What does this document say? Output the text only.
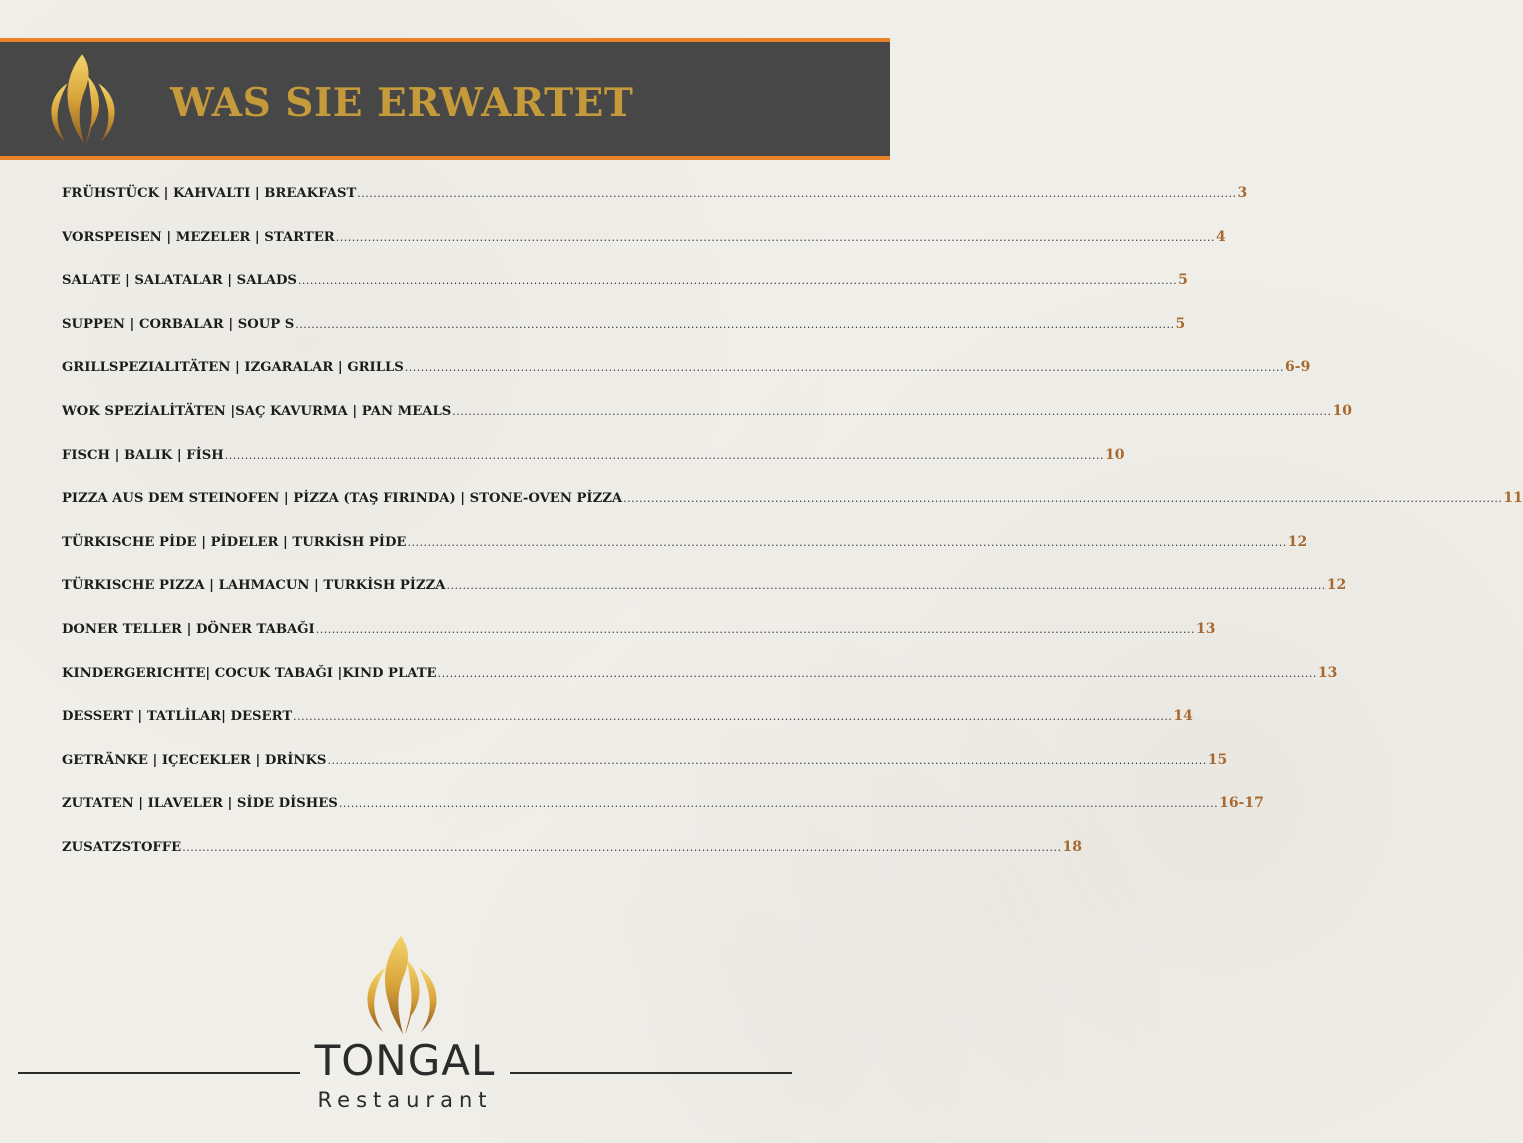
WAS SIE ERWARTET
FRÜHSTÜCK | KAHVALTI | BREAKFAST ............................................................................................................................................................................................................................ 3
VORSPEISEN | MEZELER | STARTER ............................................................................................................................................................................................................................ 4
SALATE | SALATALAR | SALADS ............................................................................................................................................................................................................................ 5
SUPPEN | CORBALAR | SOUP S ............................................................................................................................................................................................................................ 5
GRILLSPEZIALITÄTEN | IZGARALAR | GRILLS ............................................................................................................................................................................................................................ 6-9
WOK SPEZİALİTÄTEN |SAÇ KAVURMA | PAN MEALS ............................................................................................................................................................................................................................ 10
FISCH | BALIK | FİSH ............................................................................................................................................................................................................................ 10
PIZZA AUS DEM STEINOFEN | PİZZA (TAŞ FIRINDA) | STONE-OVEN PİZZA ............................................................................................................................................................................................................................ 11
TÜRKISCHE PİDE | PİDELER | TURKİSH PİDE ............................................................................................................................................................................................................................ 12
TÜRKISCHE PIZZA | LAHMACUN | TURKİSH PİZZA ............................................................................................................................................................................................................................ 12
DONER TELLER | DÖNER TABAĞI ............................................................................................................................................................................................................................ 13
KINDERGERICHTE| COCUK TABAĞI |KIND PLATE ............................................................................................................................................................................................................................ 13
DESSERT | TATLİLAR| DESERT ............................................................................................................................................................................................................................ 14
GETRÄNKE | IÇECEKLER | DRİNKS ............................................................................................................................................................................................................................ 15
ZUTATEN | ILAVELER | SİDE DİSHES ............................................................................................................................................................................................................................ 16-17
ZUSATZSTOFFE ............................................................................................................................................................................................................................ 18
TONGAL
Restaurant
